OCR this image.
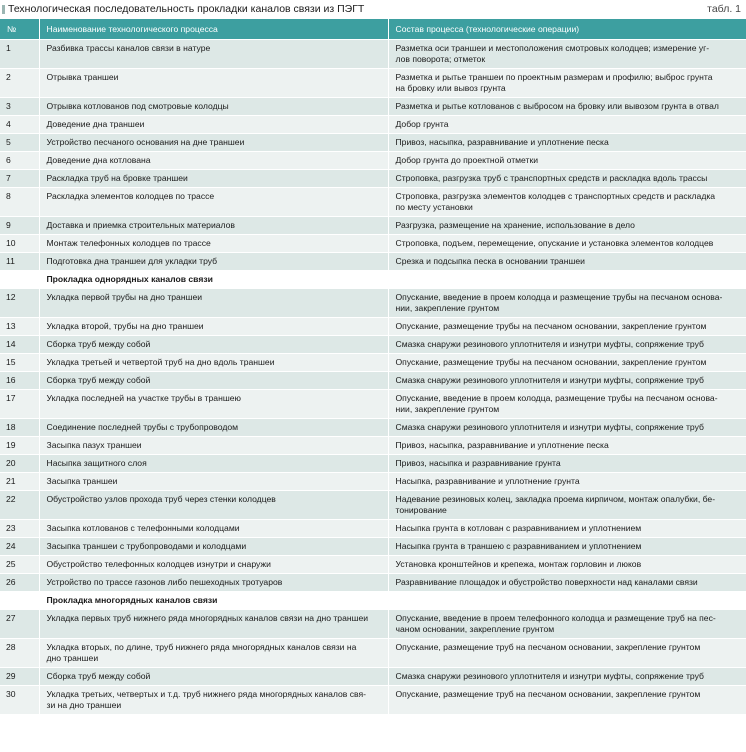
Технологическая последовательность прокладки каналов связи из ПЭГТ	табл. 1
№	Наименование технологического процесса	Состав процесса (технологические операции)
1	Разбивка трассы каналов связи в натуре	Разметка оси траншеи и местоположения смотровых колодцев; измерение уг-
лов поворота; отметок
2	Отрывка траншеи	Разметка и рытье траншеи по проектным размерам и профилю; выброс грунта
на бровку или вывоз грунта
3	Отрывка котлованов под смотровые колодцы	Разметка и рытье котлованов с выбросом на бровку или вывозом грунта в отвал
4	Доведение дна траншеи	Добор грунта
5	Устройство песчаного основания на дне траншеи	Привоз, насыпка, разравнивание и уплотнение песка
6	Доведение дна котлована	Добор грунта до проектной отметки
7	Раскладка труб на бровке траншеи	Строповка, разгрузка труб с транспортных средств и раскладка вдоль трассы
8	Раскладка элементов колодцев по трассе	Строповка, разгрузка элементов колодцев с транспортных средств и раскладка
по месту установки
9	Доставка и приемка строительных материалов	Разгрузка, размещение на хранение, использование в дело
10	Монтаж телефонных колодцев по трассе	Строповка, подъем, перемещение, опускание и установка элементов колодцев
11	Подготовка дна траншеи для укладки труб	Срезка и подсыпка песка в основании траншеи
	Прокладка однорядных каналов связи	
12	Укладка первой трубы на дно траншеи	Опускание, введение в проем колодца и размещение трубы на песчаном основа-
нии, закрепление грунтом
13	Укладка второй, трубы на дно траншеи	Опускание, размещение трубы на песчаном основании, закрепление грунтом
14	Сборка труб между собой	Смазка снаружи резинового уплотнителя и изнутри муфты, сопряжение труб
15	Укладка третьей и четвертой труб на дно вдоль траншеи	Опускание, размещение трубы на песчаном основании, закрепление грунтом
16	Сборка труб между собой	Смазка снаружи резинового уплотнителя и изнутри муфты, сопряжение труб
17	Укладка последней на участке трубы в траншею	Опускание, введение в проем колодца, размещение трубы на песчаном основа-
нии, закрепление грунтом
18	Соединение последней трубы с трубопроводом	Смазка снаружи резинового уплотнителя и изнутри муфты, сопряжение труб
19	Засыпка пазух траншеи	Привоз, насыпка, разравнивание и уплотнение песка
20	Насыпка защитного слоя	Привоз, насыпка и разравнивание грунта
21	Засыпка траншеи	Насыпка, разравнивание и уплотнение грунта
22	Обустройство узлов прохода труб через стенки колодцев	Надевание резиновых колец, закладка проема кирпичом, монтаж опалубки, бе-
тонирование
23	Засыпка котлованов с телефонными колодцами	Насыпка грунта в котлован с разравниванием и уплотнением
24	Засыпка траншеи с трубопроводами и колодцами	Насыпка грунта в траншею с разравниванием и уплотнением
25	Обустройство телефонных колодцев изнутри и снаружи	Установка кронштейнов и крепежа, монтаж горловин и люков
26	Устройство по трассе газонов либо пешеходных тротуаров	Разравнивание площадок и обустройство поверхности над каналами связи
	Прокладка многорядных каналов связи	
27	Укладка первых труб нижнего ряда многорядных каналов связи на дно траншеи	Опускание, введение в проем телефонного колодца и размещение труб на пес-
чаном основании, закрепление грунтом
28	Укладка вторых, по длине, труб нижнего ряда многорядных каналов связи на
дно траншеи	Опускание, размещение труб на песчаном основании, закрепление грунтом
29	Сборка труб между собой	Смазка снаружи резинового уплотнителя и изнутри муфты, сопряжение труб
30	Укладка третьих, четвертых и т.д. труб нижнего ряда многорядных каналов свя-
зи на дно траншеи	Опускание, размещение труб на песчаном основании, закрепление грунтом
